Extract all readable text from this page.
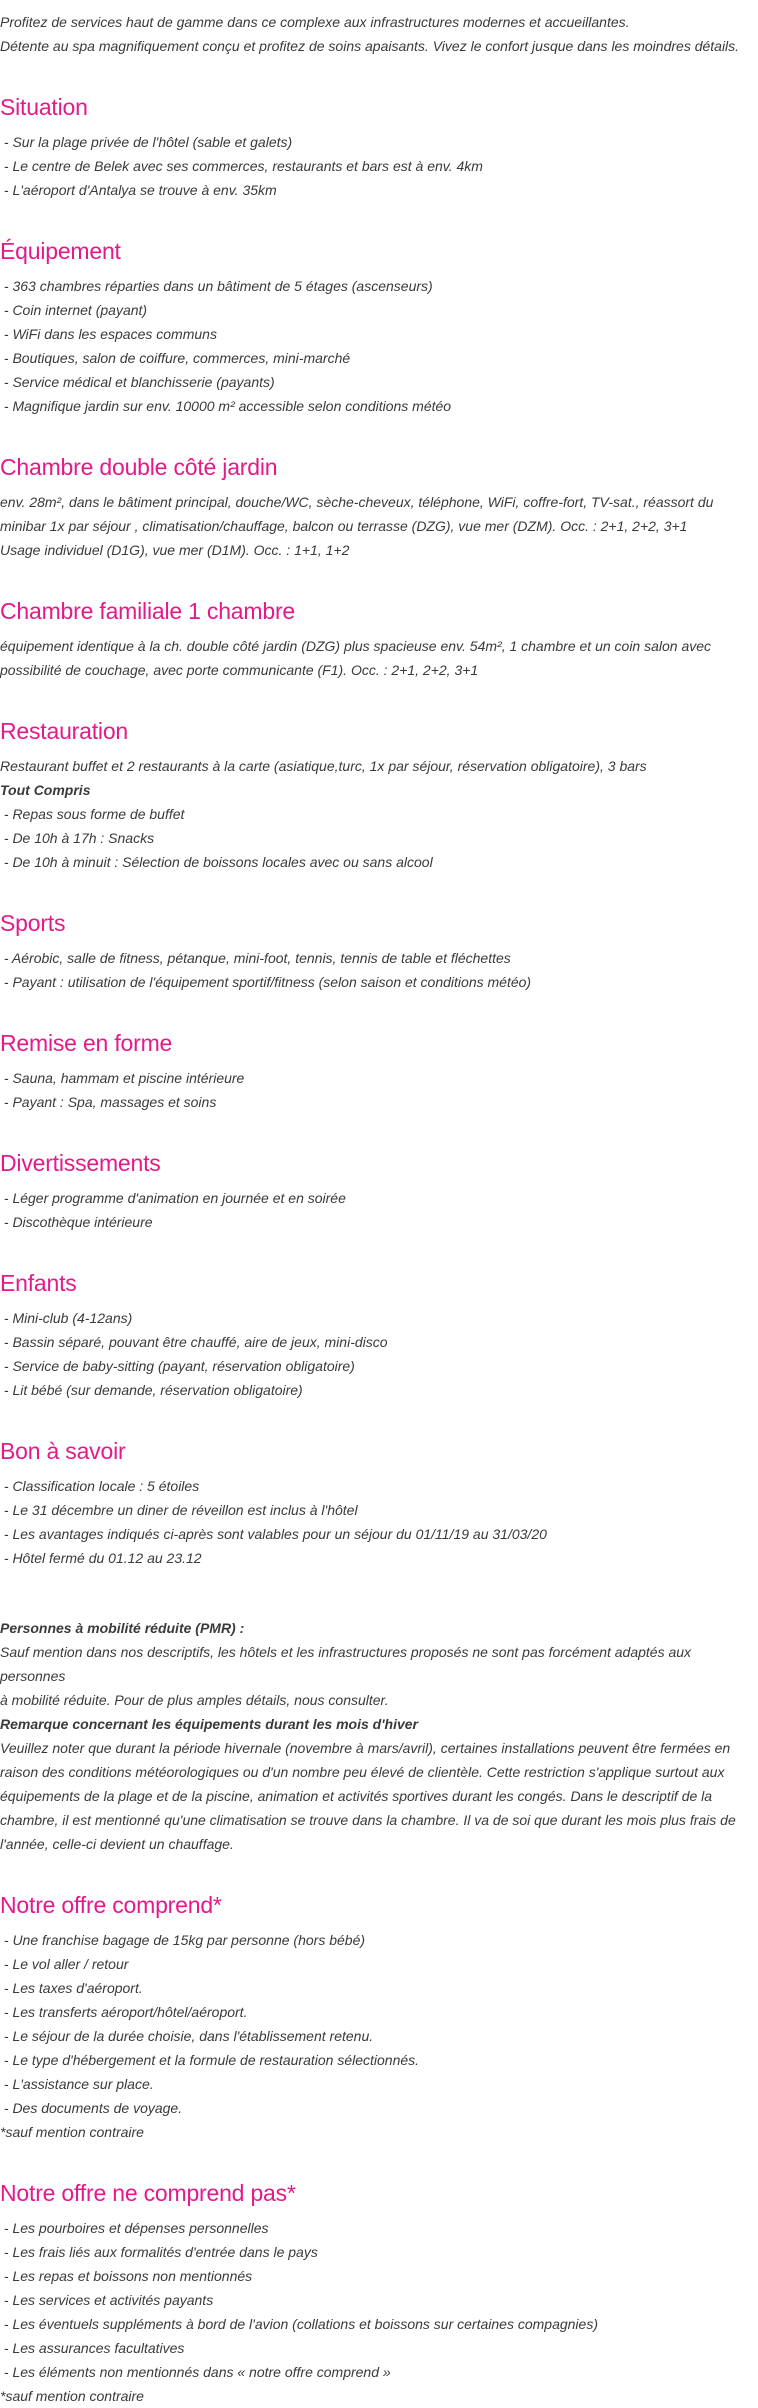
Profitez de services haut de gamme dans ce complexe aux infrastructures modernes et accueillantes.
Détente au spa magnifiquement conçu et profitez de soins apaisants. Vivez le confort jusque dans les moindres détails.
Situation
- Sur la plage privée de l'hôtel (sable et galets)
- Le centre de Belek avec ses commerces, restaurants et bars est à env. 4km
- L'aéroport d'Antalya se trouve à env. 35km
Équipement
- 363 chambres réparties dans un bâtiment de 5 étages (ascenseurs)
- Coin internet (payant)
- WiFi dans les espaces communs
- Boutiques, salon de coiffure, commerces, mini-marché
- Service médical et blanchisserie (payants)
- Magnifique jardin sur env. 10000 m² accessible selon conditions météo
Chambre double côté jardin
env. 28m², dans le bâtiment principal, douche/WC, sèche-cheveux, téléphone, WiFi, coffre-fort, TV-sat., réassort du
minibar 1x par séjour , climatisation/chauffage, balcon ou terrasse (DZG), vue mer (DZM). Occ. : 2+1, 2+2, 3+1
Usage individuel (D1G), vue mer (D1M). Occ. : 1+1, 1+2
Chambre familiale 1 chambre
équipement identique à la ch. double côté jardin (DZG) plus spacieuse env. 54m², 1 chambre et un coin salon avec
possibilité de couchage, avec porte communicante (F1). Occ. : 2+1, 2+2, 3+1
Restauration
Restaurant buffet et 2 restaurants à la carte (asiatique,turc, 1x par séjour, réservation obligatoire), 3 bars
Tout Compris
- Repas sous forme de buffet
- De 10h à 17h : Snacks
- De 10h à minuit : Sélection de boissons locales avec ou sans alcool
Sports
- Aérobic, salle de fitness, pétanque, mini-foot, tennis, tennis de table et fléchettes
- Payant : utilisation de l'équipement sportif/fitness (selon saison et conditions météo)
Remise en forme
- Sauna, hammam et piscine intérieure
- Payant : Spa, massages et soins
Divertissements
- Léger programme d'animation en journée et en soirée
- Discothèque intérieure
Enfants
- Mini-club (4-12ans)
- Bassin séparé, pouvant être chauffé, aire de jeux, mini-disco
- Service de baby-sitting (payant, réservation obligatoire)
- Lit bébé (sur demande, réservation obligatoire)
Bon à savoir
- Classification locale : 5 étoiles
- Le 31 décembre un diner de réveillon est inclus à l'hôtel
- Les avantages indiqués ci-après sont valables pour un séjour du 01/11/19 au 31/03/20
- Hôtel fermé du 01.12 au 23.12
Personnes à mobilité réduite (PMR) :
Sauf mention dans nos descriptifs, les hôtels et les infrastructures proposés ne sont pas forcément adaptés aux personnes
à mobilité réduite. Pour de plus amples détails, nous consulter.
Remarque concernant les équipements durant les mois d'hiver
Veuillez noter que durant la période hivernale (novembre à mars/avril), certaines installations peuvent être fermées en
raison des conditions météorologiques ou d'un nombre peu élevé de clientèle. Cette restriction s'applique surtout aux
équipements de la plage et de la piscine, animation et activités sportives durant les congés. Dans le descriptif de la
chambre, il est mentionné qu'une climatisation se trouve dans la chambre. Il va de soi que durant les mois plus frais de
l'année, celle-ci devient un chauffage.
Notre offre comprend*
- Une franchise bagage de 15kg par personne (hors bébé)
- Le vol aller / retour
- Les taxes d'aéroport.
- Les transferts aéroport/hôtel/aéroport.
- Le séjour de la durée choisie, dans l'établissement retenu.
- Le type d'hébergement et la formule de restauration sélectionnés.
- L'assistance sur place.
- Des documents de voyage.
*sauf mention contraire
Notre offre ne comprend pas*
- Les pourboires et dépenses personnelles
- Les frais liés aux formalités d'entrée dans le pays
- Les repas et boissons non mentionnés
- Les services et activités payants
- Les éventuels suppléments à bord de l'avion (collations et boissons sur certaines compagnies)
- Les assurances facultatives
- Les éléments non mentionnés dans « notre offre comprend »
*sauf mention contraire
